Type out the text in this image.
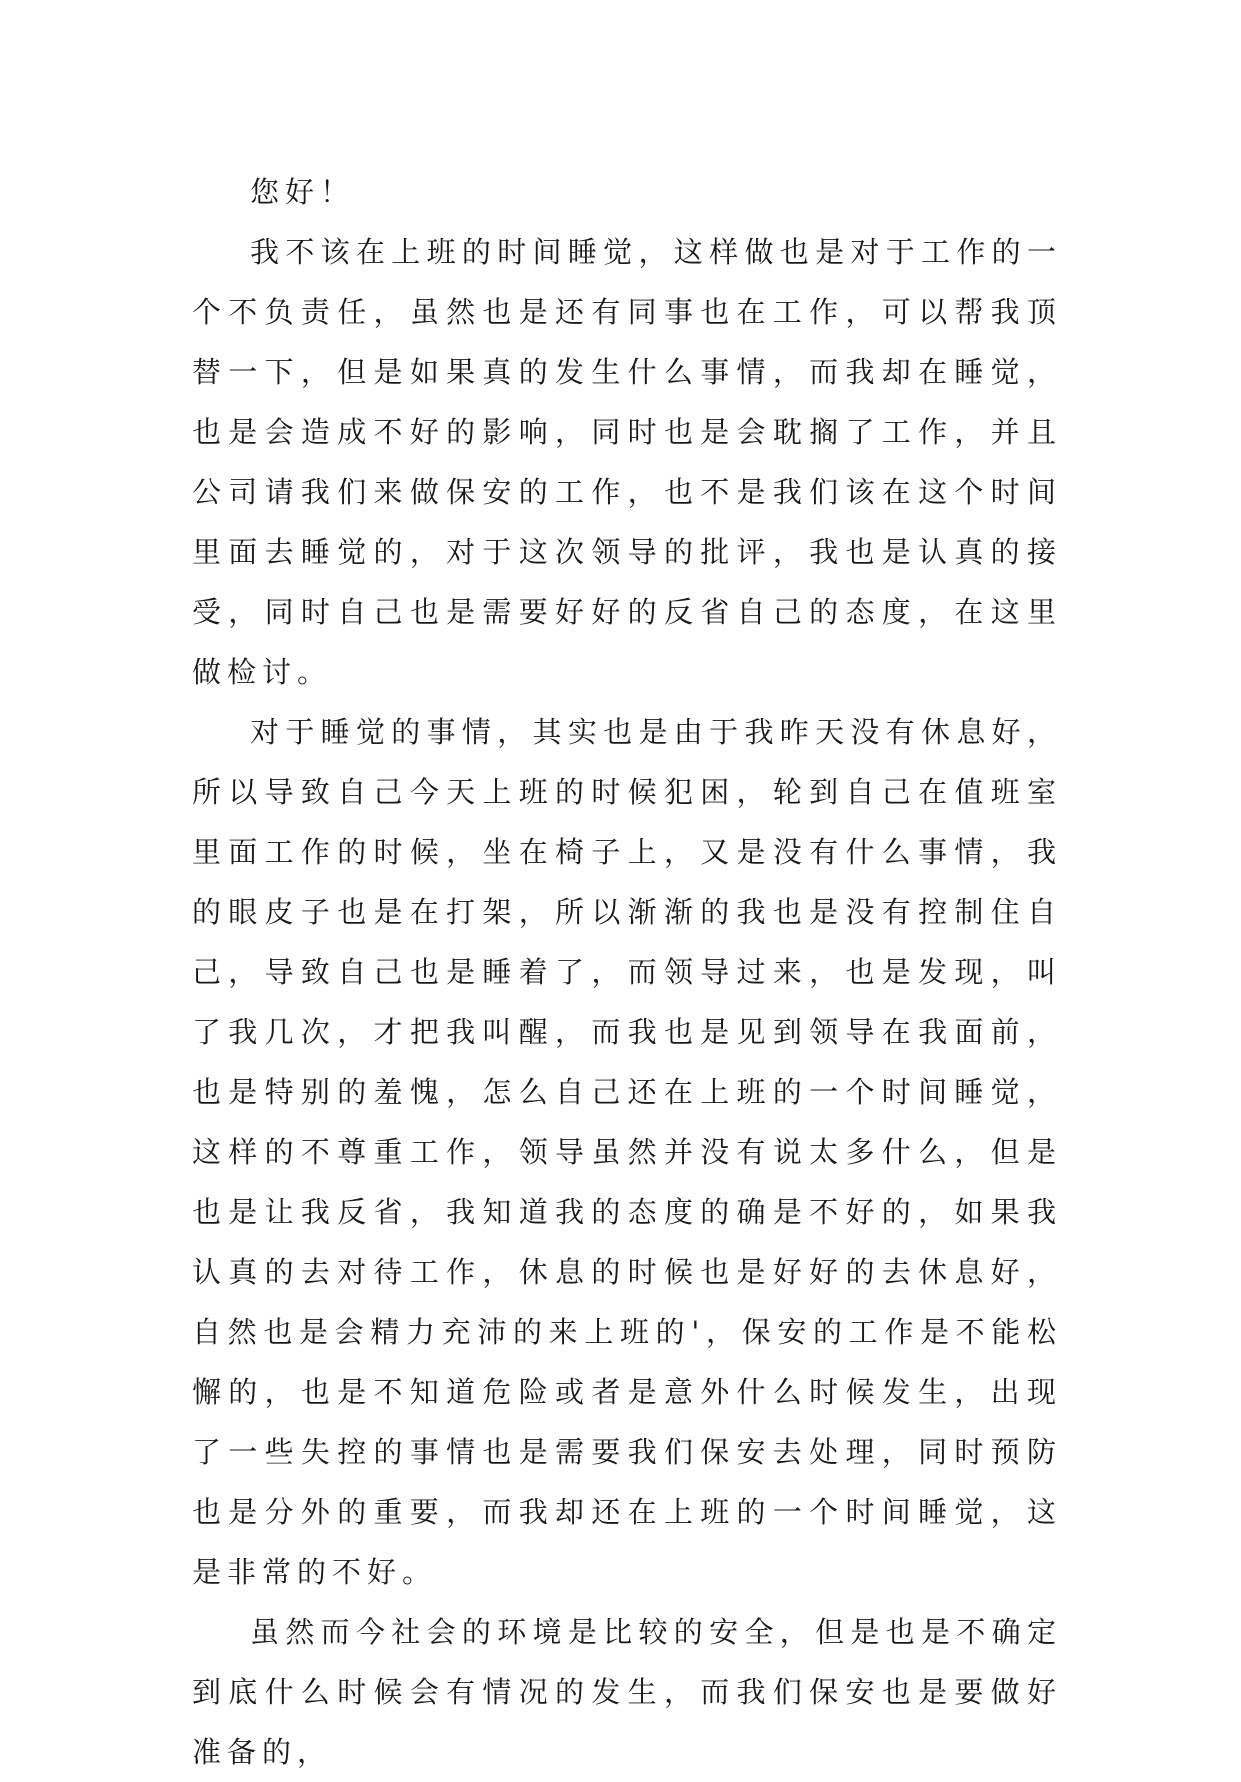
您好！

我不该在上班的时间睡觉，这样做也是对于工作的一个不负责任，虽然也是还有同事也在工作，可以帮我顶替一下，但是如果真的发生什么事情，而我却在睡觉，也是会造成不好的影响，同时也是会耽搁了工作，并且公司请我们来做保安的工作，也不是我们该在这个时间里面去睡觉的，对于这次领导的批评，我也是认真的接受，同时自己也是需要好好的反省自己的态度，在这里做检讨。

对于睡觉的事情，其实也是由于我昨天没有休息好，所以导致自己今天上班的时候犯困，轮到自己在值班室里面工作的时候，坐在椅子上，又是没有什么事情，我的眼皮子也是在打架，所以渐渐的我也是没有控制住自己，导致自己也是睡着了，而领导过来，也是发现，叫了我几次，才把我叫醒，而我也是见到领导在我面前，也是特别的羞愧，怎么自己还在上班的一个时间睡觉，这样的不尊重工作，领导虽然并没有说太多什么，但是也是让我反省，我知道我的态度的确是不好的，如果我认真的去对待工作，休息的时候也是好好的去休息好，自然也是会精力充沛的来上班的'，保安的工作是不能松懈的，也是不知道危险或者是意外什么时候发生，出现了一些失控的事情也是需要我们保安去处理，同时预防也是分外的重要，而我却还在上班的一个时间睡觉，这是非常的不好。

虽然而今社会的环境是比较的安全，但是也是不确定到底什么时候会有情况的发生，而我们保安也是要做好准备的，
